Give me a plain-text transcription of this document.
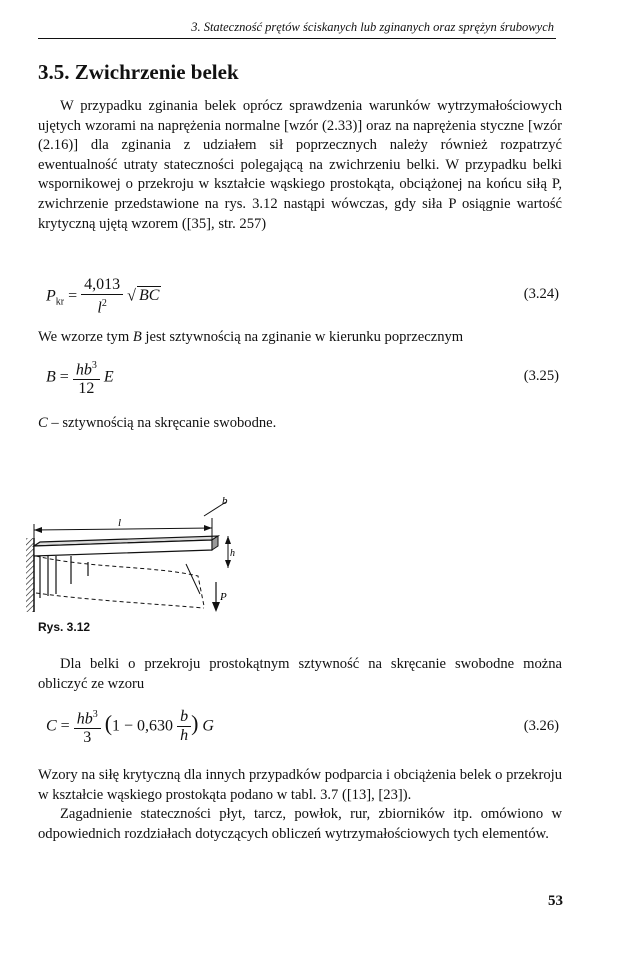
3. Stateczność prętów ściskanych lub zginanych oraz sprężyn śrubowych
3.5. Zwichrzenie belek

W przypadku zginania belek oprócz sprawdzenia warunków wytrzymałościowych ujętych wzorami na naprężenia normalne [wzór (2.33)] oraz na naprężenia styczne [wzór (2.16)] dla zginania z udziałem sił poprzecznych należy również rozpatrzyć ewentualność utraty stateczności polegającą na zwichrzeniu belki. W przypadku belki wspornikowej o przekroju w kształcie wąskiego prostokąta, obciążonej na końcu siłą P, zwichrzenie przedstawione na rys. 3.12 nastąpi wówczas, gdy siła P osiągnie wartość krytyczną ujętą wzorem ([35], str. 257)

$P_{kr} = \frac{4,013}{l^2}$ √ BC	(3.24)

We wzorze tym B jest sztywnością na zginanie w kierunku poprzecznym

$B = \frac{hb^3}{12}$ E	(3.25)

C – sztywnością na skręcanie swobodne.

l
b
h
P
Rys. 3.12

Dla belki o przekroju prostokątnym sztywność na skręcanie swobodne można obliczyć ze wzoru

$C = \frac{hb^3}{3} (1 - 0,630 \frac{b}{h}$ ) G	(3.26)

Wzory na siłę krytyczną dla innych przypadków podparcia i obciążenia belek o przekroju w kształcie wąskiego prostokąta podano w tabl. 3.7 ([13], [23]).

Zagadnienie stateczności płyt, tarcz, powłok, rur, zbiorników itp. omówiono w odpowiednich rozdziałach dotyczących obliczeń wytrzymałościowych tych elementów.

53
